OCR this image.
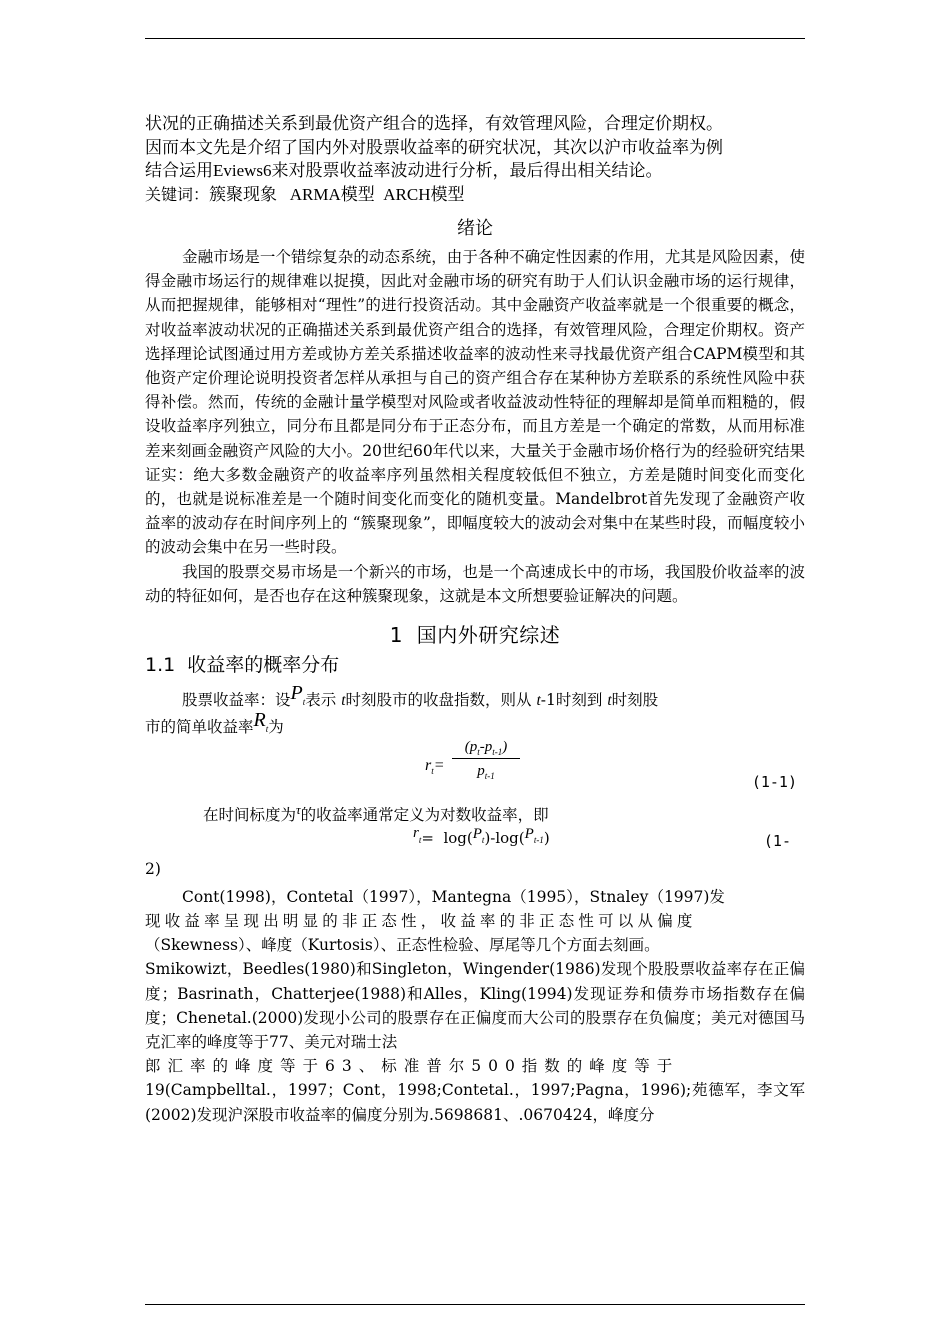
状况的正确描述关系到最优资产组合的选择，有效管理风险，合理定价期权。

因而本文先是介绍了国内外对股票收益率的研究状况，其次以沪市收益率为例

结合运用Eviews6来对股票收益率波动进行分析，最后得出相关结论。

关键词：簇聚现象   ARMA模型  ARCH模型

绪论

金融市场是一个错综复杂的动态系统，由于各种不确定性因素的作用，尤其是风险因素，使得金融市场运行的规律难以捉摸，因此对金融市场的研究有助于人们认识金融市场的运行规律，从而把握规律，能够相对“理性”的进行投资活动。其中金融资产收益率就是一个很重要的概念，对收益率波动状况的正确描述关系到最优资产组合的选择，有效管理风险，合理定价期权。资产选择理论试图通过用方差或协方差关系描述收益率的波动性来寻找最优资产组合CAPM模型和其他资产定价理论说明投资者怎样从承担与自己的资产组合存在某种协方差联系的系统性风险中获得补偿。然而，传统的金融计量学模型对风险或者收益波动性特征的理解却是简单而粗糙的，假设收益率序列独立，同分布且都是同分布于正态分布，而且方差是一个确定的常数，从而用标准差来刻画金融资产风险的大小。20世纪60年代以来，大量关于金融市场价格行为的经验研究结果证实：绝大多数金融资产的收益率序列虽然相关程度较低但不独立，方差是随时间变化而变化的，也就是说标准差是一个随时间变化而变化的随机变量。Mandelbrot首先发现了金融资产收益率的波动存在时间序列上的 “簇聚现象”，即幅度较大的波动会对集中在某些时段，而幅度较小的波动会集中在另一些时段。

我国的股票交易市场是一个新兴的市场，也是一个高速成长中的市场，我国股价收益率的波动的特征如何，是否也存在这种簇聚现象，这就是本文所想要验证解决的问题。

1  国内外研究综述
1.1  收益率的概率分布

股票收益率：设Pt表示 t时刻股市的收盘指数，则从 t-1时刻到 t时刻股

市的简单收益率Rt为

$r_t= \frac{(p_t-p_{t-1})}{p_{t-1}}$
(1-1)

在时间标度为$^\tau$的收益率通常定义为对数收益率，即

rt=  log(Pt)-log(Pt-1)	(1-

2)

Cont(1998)，Contetal（1997），Mantegna（1995），Stnaley（1997)发

现收益率呈现出明显的非正态性，收益率的非正态性可以从偏度

（Skewness）、峰度（Kurtosis）、正态性检验、厚尾等几个方面去刻画。

Smikowizt，Beedles(1980)和Singleton，Wingender(1986)发现个股股票收益率存在正偏度；Basrinath，Chatterjee(1988)和Alles，Kling(1994)发现证券和债券市场指数存在偏度；Chenetal.(2000)发现小公司的股票存在正偏度而大公司的股票存在负偏度；美元对德国马克汇率的峰度等于77、美元对瑞士法

郎汇率的峰度等于63、标准普尔500指数的峰度等于

19(Campbelltal.，1997；Cont，1998;Contetal.，1997;Pagna，1996);苑德军，李文军(2002)发现沪深股市收益率的偏度分别为.5698681、.0670424，峰度分
